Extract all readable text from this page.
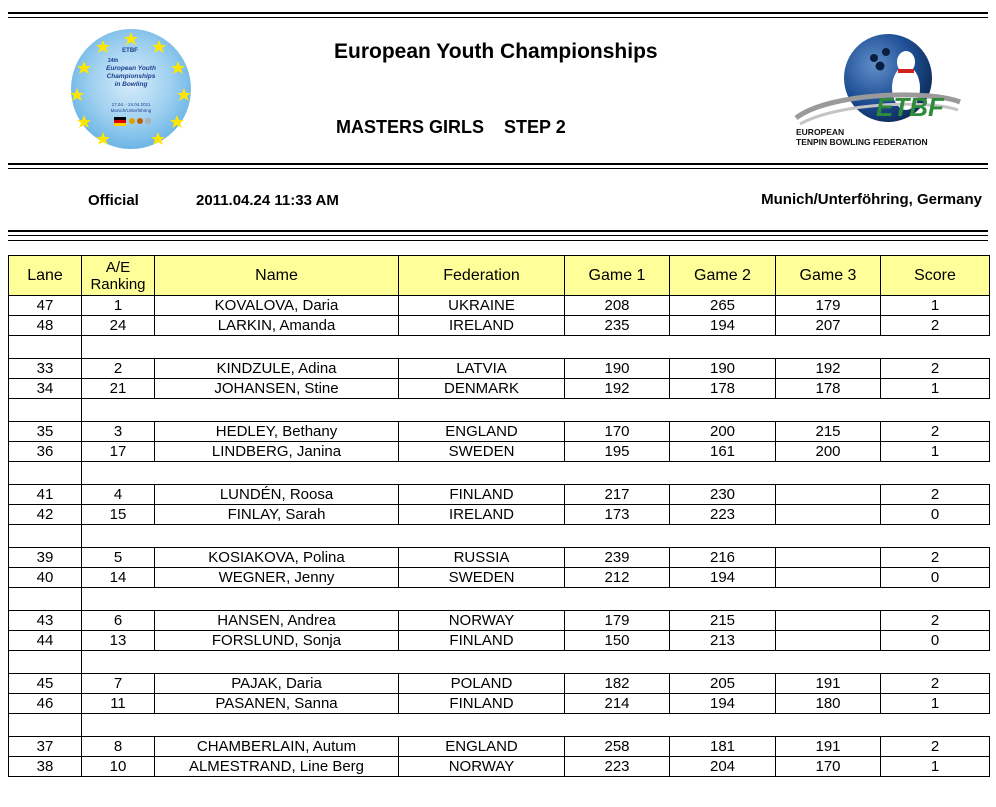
ETBF
24th
European Youth
Championships
in Bowling
17.04. - 24.04.2011
Munich/Unterföhring	ETBF
EUROPEAN
TENPIN BOWLING FEDERATION
European Youth Championships
MASTERS GIRLS STEP 2
Official	2011.04.24 11:33 AM	Munich/Unterföhring, Germany
Lane	A/E
Ranking	Name	Federation	Game 1	Game 2	Game 3	Score
47	1	KOVALOVA, Daria	UKRAINE	208	265	179	1
48	24	LARKIN, Amanda	IRELAND	235	194	207	2

33	2	KINDZULE, Adina	LATVIA	190	190	192	2
34	21	JOHANSEN, Stine	DENMARK	192	178	178	1

35	3	HEDLEY, Bethany	ENGLAND	170	200	215	2
36	17	LINDBERG, Janina	SWEDEN	195	161	200	1

41	4	LUNDÉN, Roosa	FINLAND	217	230		2
42	15	FINLAY, Sarah	IRELAND	173	223		0

39	5	KOSIAKOVA, Polina	RUSSIA	239	216		2
40	14	WEGNER, Jenny	SWEDEN	212	194		0

43	6	HANSEN, Andrea	NORWAY	179	215		2
44	13	FORSLUND, Sonja	FINLAND	150	213		0

45	7	PAJAK, Daria	POLAND	182	205	191	2
46	11	PASANEN, Sanna	FINLAND	214	194	180	1

37	8	CHAMBERLAIN, Autum	ENGLAND	258	181	191	2
38	10	ALMESTRAND, Line Berg	NORWAY	223	204	170	1
